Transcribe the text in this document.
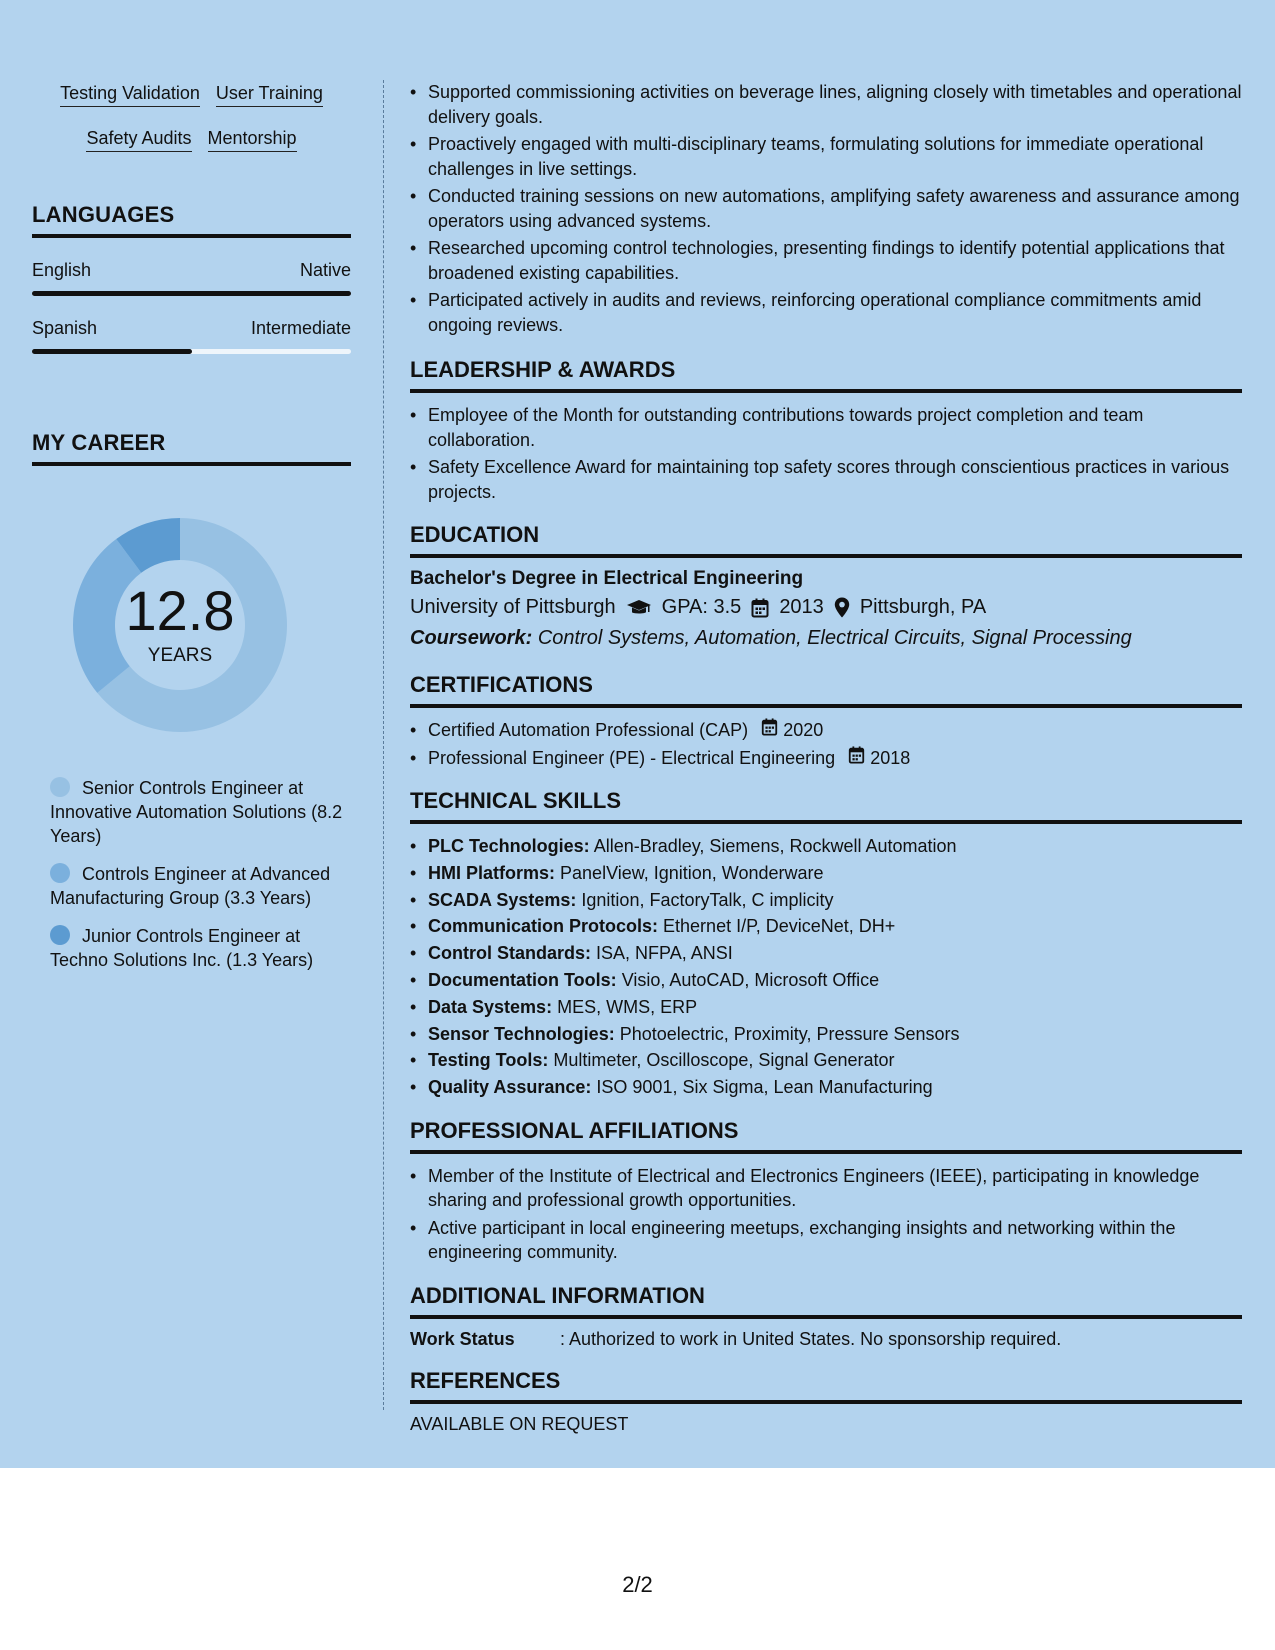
Testing Validation User Training
Safety Audits Mentorship
LANGUAGES
English	Native
Spanish	Intermediate
MY CAREER
12.8
YEARS
Senior Controls Engineer at Innovative Automation Solutions (8.2 Years)
Controls Engineer at Advanced Manufacturing Group (3.3 Years)
Junior Controls Engineer at Techno Solutions Inc. (1.3 Years)
• Supported commissioning activities on beverage lines, aligning closely with timetables and operational delivery goals.
• Proactively engaged with multi-disciplinary teams, formulating solutions for immediate operational challenges in live settings.
• Conducted training sessions on new automations, amplifying safety awareness and assurance among operators using advanced systems.
• Researched upcoming control technologies, presenting findings to identify potential applications that broadened existing capabilities.
• Participated actively in audits and reviews, reinforcing operational compliance commitments amid ongoing reviews.
LEADERSHIP & AWARDS
• Employee of the Month for outstanding contributions towards project completion and team collaboration.
• Safety Excellence Award for maintaining top safety scores through conscientious practices in various projects.
EDUCATION
Bachelor's Degree in Electrical Engineering
University of Pittsburgh GPA: 3.5 2013 Pittsburgh, PA
Coursework: Control Systems, Automation, Electrical Circuits, Signal Processing
CERTIFICATIONS
• Certified Automation Professional (CAP) 2020
• Professional Engineer (PE) - Electrical Engineering 2018
TECHNICAL SKILLS
• PLC Technologies: Allen-Bradley, Siemens, Rockwell Automation
• HMI Platforms: PanelView, Ignition, Wonderware
• SCADA Systems: Ignition, FactoryTalk, C implicity
• Communication Protocols: Ethernet I/P, DeviceNet, DH+
• Control Standards: ISA, NFPA, ANSI
• Documentation Tools: Visio, AutoCAD, Microsoft Office
• Data Systems: MES, WMS, ERP
• Sensor Technologies: Photoelectric, Proximity, Pressure Sensors
• Testing Tools: Multimeter, Oscilloscope, Signal Generator
• Quality Assurance: ISO 9001, Six Sigma, Lean Manufacturing
PROFESSIONAL AFFILIATIONS
• Member of the Institute of Electrical and Electronics Engineers (IEEE), participating in knowledge sharing and professional growth opportunities.
• Active participant in local engineering meetups, exchanging insights and networking within the engineering community.
ADDITIONAL INFORMATION
Work Status	: Authorized to work in United States. No sponsorship required.
REFERENCES
AVAILABLE ON REQUEST
2/2
